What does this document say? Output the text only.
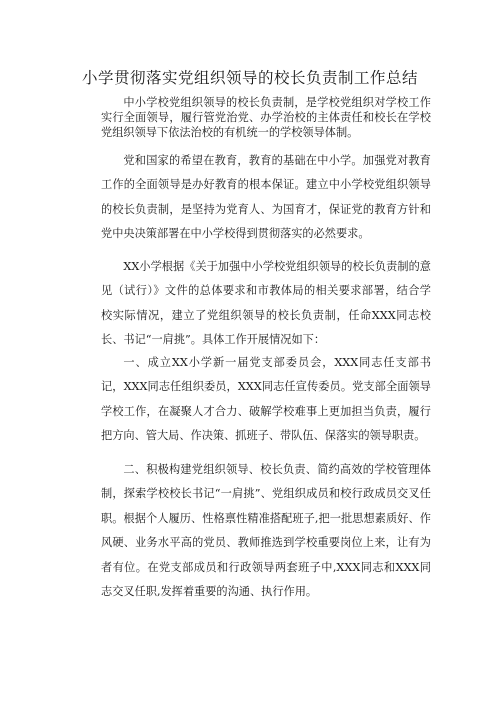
小学贯彻落实党组织领导的校长负责制工作总结

中小学校党组织领导的校长负责制，是学校党组织对学校工作实行全面领导，履行管党治党、办学治校的主体责任和校长在学校党组织领导下依法治校的有机统一的学校领导体制。

党和国家的希望在教育，教育的基础在中小学。加强党对教育工作的全面领导是办好教育的根本保证。建立中小学校党组织领导的校长负责制，是坚持为党育人、为国育才，保证党的教育方针和党中央决策部署在中小学校得到贯彻落实的必然要求。

XX小学根据《关于加强中小学校党组织领导的校长负责制的意见（试行）》文件的总体要求和市教体局的相关要求部署，结合学校实际情况，建立了党组织领导的校长负责制，任命XXX同志校长、书记“一肩挑”。具体工作开展情况如下：

一、成立XX小学新一届党支部委员会，XXX同志任支部书记，XXX同志任组织委员，XXX同志任宣传委员。党支部全面领导学校工作，在凝聚人才合力、破解学校难事上更加担当负责，履行把方向、管大局、作决策、抓班子、带队伍、保落实的领导职责。

二、积极构建党组织领导、校长负责、简约高效的学校管理体制，探索学校校长书记“一肩挑”、党组织成员和校行政成员交叉任职。根据个人履历、性格禀性精准搭配班子,把一批思想素质好、作风硬、业务水平高的党员、教师推选到学校重要岗位上来，让有为者有位。在党支部成员和行政领导两套班子中,XXX同志和XXX同志交叉任职,发挥着重要的沟通、执行作用。
